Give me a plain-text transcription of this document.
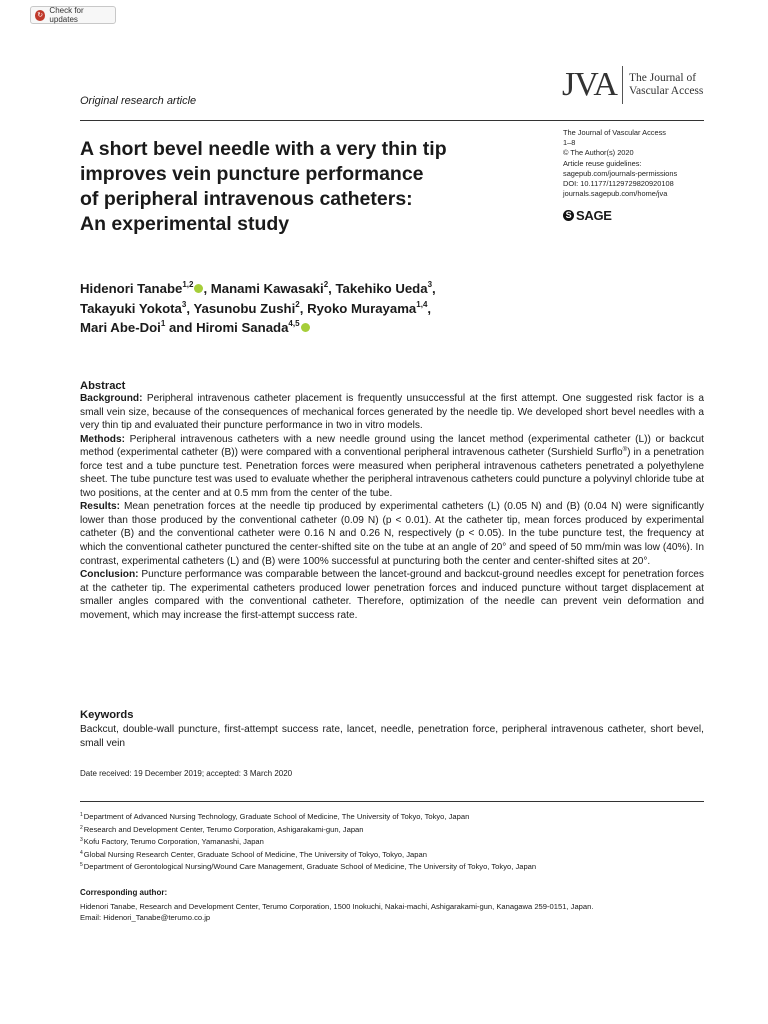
↻ Check for updates
Original research article	JVA The Journal of
Vascular Access
A short bevel needle with a very thin tip
improves vein puncture performance
of peripheral intravenous catheters:
An experimental study
The Journal of Vascular Access
1–8
© The Author(s) 2020
Article reuse guidelines:
sagepub.com/journals-permissions
DOI: 10.1177/1129729820920108
journals.sagepub.com/home/jva
S SAGE
Hidenori Tanabe$^{1,2}$ , Manami Kawasaki$^2$, Takehiko Ueda$^3$,
Takayuki Yokota$^3$, Yasunobu Zushi$^2$, Ryoko Murayama$^{1,4}$,
Mari Abe-Doi$^1$ and Hiromi Sanada$^{4,5}$
Abstract

Background: Peripheral intravenous catheter placement is frequently unsuccessful at the first attempt. One suggested risk factor is a small vein size, because of the consequences of mechanical forces generated by the needle tip. We developed short bevel needles with a very thin tip and evaluated their puncture performance in two in vitro models.

Methods: Peripheral intravenous catheters with a new needle ground using the lancet method (experimental catheter (L)) or backcut method (experimental catheter (B)) were compared with a conventional peripheral intravenous catheter (Surshield Surflo®) in a penetration force test and a tube puncture test. Penetration forces were measured when peripheral intravenous catheters penetrated a polyethylene sheet. The tube puncture test was used to evaluate whether the peripheral intravenous catheters could puncture a polyvinyl chloride tube at two positions, at the center and at 0.5 mm from the center of the tube.

Results: Mean penetration forces at the needle tip produced by experimental catheters (L) (0.05 N) and (B) (0.04 N) were significantly lower than those produced by the conventional catheter (0.09 N) (p < 0.01). At the catheter tip, mean forces produced by experimental catheter (B) and the conventional catheter were 0.16 N and 0.26 N, respectively (p < 0.05). In the tube puncture test, the frequency at which the conventional catheter punctured the center-shifted site on the tube at an angle of 20° and speed of 50 mm/min was low (40%). In contrast, experimental catheters (L) and (B) were 100% successful at puncturing both the center and center-shifted sites at 20°.

Conclusion: Puncture performance was comparable between the lancet-ground and backcut-ground needles except for penetration forces at the catheter tip. The experimental catheters produced lower penetration forces and induced puncture without target displacement at smaller angles compared with the conventional catheter. Therefore, optimization of the needle can prevent vein deformation and movement, which may increase the first-attempt success rate.

Keywords
Backcut, double-wall puncture, first-attempt success rate, lancet, needle, penetration force, peripheral intravenous catheter, short bevel, small vein
Date received: 19 December 2019; accepted: 3 March 2020
$^1$Department of Advanced Nursing Technology, Graduate School of Medicine, The University of Tokyo, Tokyo, Japan
$^2$Research and Development Center, Terumo Corporation, Ashigarakami-gun, Japan
$^3$Kofu Factory, Terumo Corporation, Yamanashi, Japan
$^4$Global Nursing Research Center, Graduate School of Medicine, The University of Tokyo, Tokyo, Japan
$^5$Department of Gerontological Nursing/Wound Care Management, Graduate School of Medicine, The University of Tokyo, Tokyo, Japan
Corresponding author:
Hidenori Tanabe, Research and Development Center, Terumo Corporation, 1500 Inokuchi, Nakai-machi, Ashigarakami-gun, Kanagawa 259-0151, Japan.
Email: Hidenori_Tanabe@terumo.co.jp
